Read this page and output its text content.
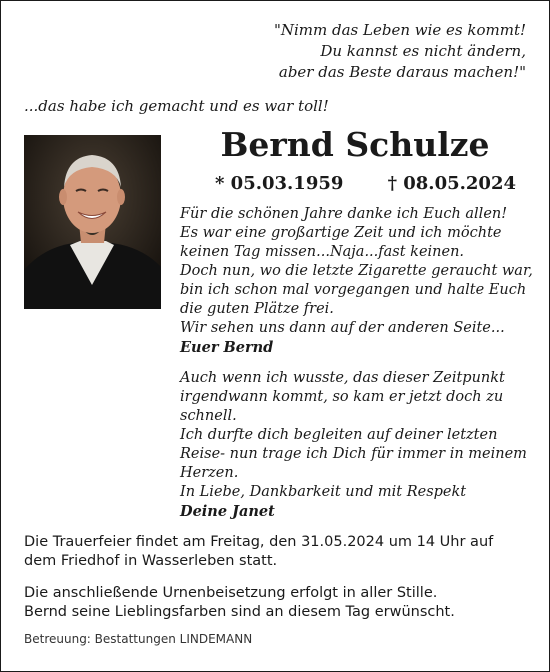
"Nimm das Leben wie es kommt!
Du kannst es nicht ändern,
aber das Beste daraus machen!"
...das habe ich gemacht und es war toll!
Bernd Schulze
* 05.03.1959 † 08.05.2024
Für die schönen Jahre danke ich Euch allen!
Es war eine großartige Zeit und ich möchte
keinen Tag missen...Naja...fast keinen.
Doch nun, wo die letzte Zigarette geraucht war,
bin ich schon mal vorgegangen und halte Euch
die guten Plätze frei.
Wir sehen uns dann auf der anderen Seite...
Euer Bernd
Auch wenn ich wusste, das dieser Zeitpunkt
irgendwann kommt, so kam er jetzt doch zu
schnell.
Ich durfte dich begleiten auf deiner letzten
Reise- nun trage ich Dich für immer in meinem
Herzen.
In Liebe, Dankbarkeit und mit Respekt
Deine Janet
Die Trauerfeier findet am Freitag, den 31.05.2024 um 14 Uhr auf
dem Friedhof in Wasserleben statt.
Die anschließende Urnenbeisetzung erfolgt in aller Stille.
Bernd seine Lieblingsfarben sind an diesem Tag erwünscht.
Betreuung: Bestattungen LINDEMANN
